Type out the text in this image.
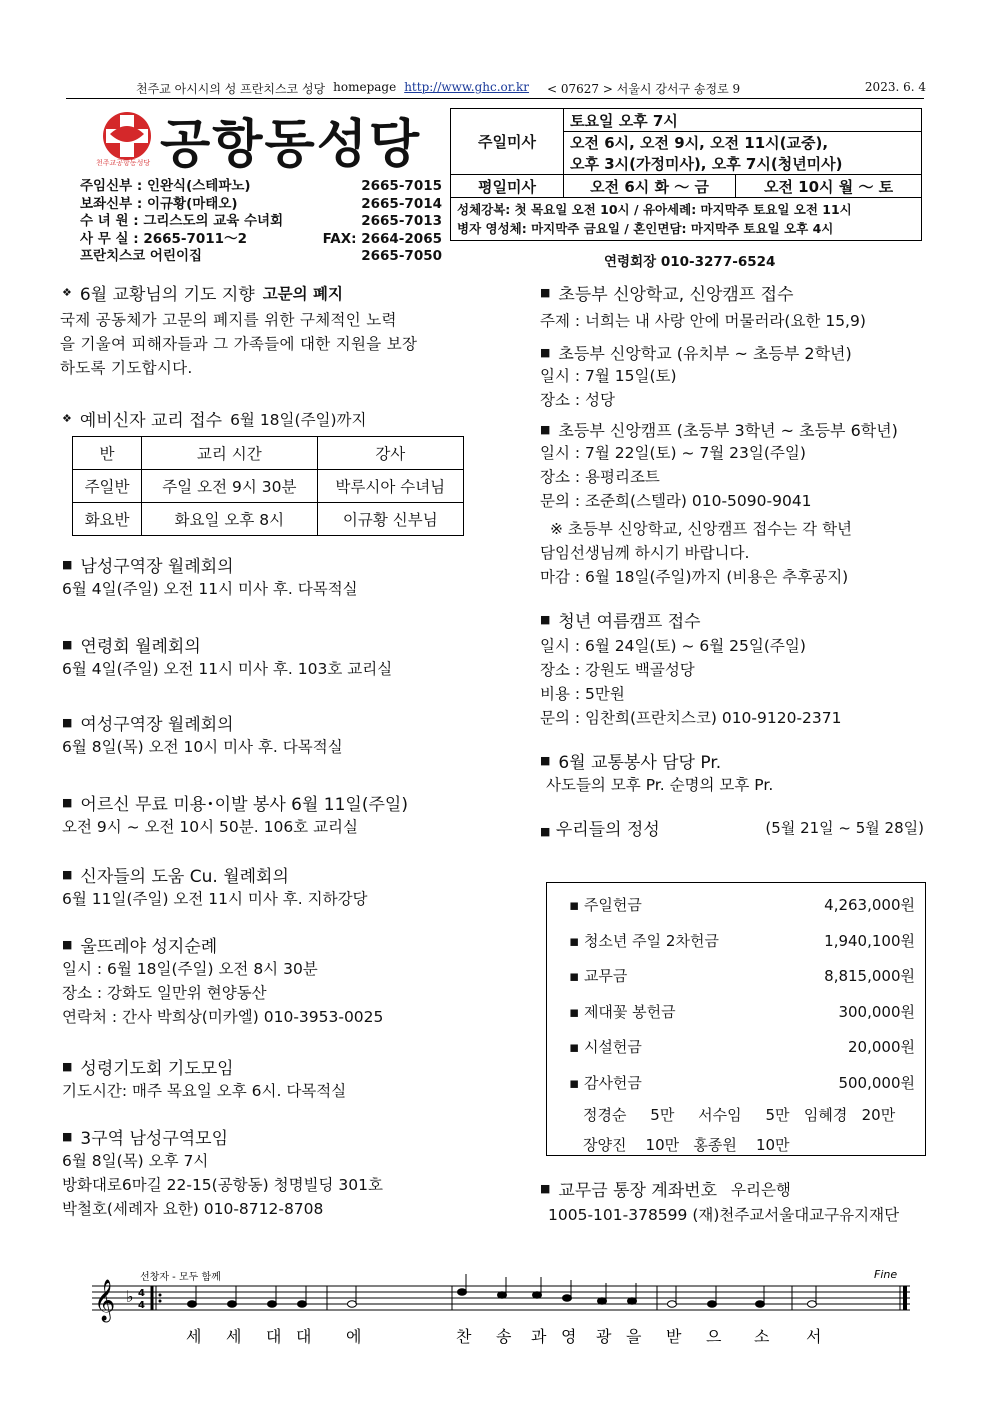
천주교 아시시의 성 프란치스코 성당 homepage http://www.ghc.or.kr < 07627 > 서울시 강서구 송정로 9	2023. 6. 4
천주교공항동성당 공항동성당
주임신부 : 인완식(스테파노)	2665-7015
보좌신부 : 이규황(마태오)	2665-7014
수 녀 원 : 그리스도의 교육 수녀회	2665-7013
사 무 실 : 2665-7011～2	FAX: 2664-2065
프란치스코 어린이집	2665-7050
주일미사	토요일 오후 7시	
	오전 6시, 오전 9시, 오전 11시(교중),	
	오후 3시(가정미사), 오후 7시(청년미사)	
평일미사	오전 6시 화 ～ 금	오전 10시 월 ～ 토

성체강복: 첫 목요일 오전 10시 / 유아세례: 마지막주 토요일 오전 11시
병자 영성체: 마지막주 금요일 / 혼인면담: 마지막주 토요일 오후 4시		
연령회장 010-3277-6524
❖ 6월 교황님의 기도 지향 고문의 폐지
국제 공동체가 고문의 폐지를 위한 구체적인 노력
을 기울여 피해자들과 그 가족들에 대한 지원을 보장
하도록 기도합시다.
❖ 예비신자 교리 접수 6월 18일(주일)까지
반	교리 시간	강사
주일반	주일 오전 9시 30분	박루시아 수녀님
화요반	화요일 오후 8시	이규황 신부님
■ 남성구역장 월례회의
6월 4일(주일) 오전 11시 미사 후. 다목적실
■ 연령회 월례회의
6월 4일(주일) 오전 11시 미사 후. 103호 교리실
■ 여성구역장 월례회의
6월 8일(목) 오전 10시 미사 후. 다목적실
■ 어르신 무료 미용･이발 봉사 6월 11일(주일)
오전 9시 ~ 오전 10시 50분. 106호 교리실
■ 신자들의 도움 Cu. 월례회의
6월 11일(주일) 오전 11시 미사 후. 지하강당
■ 울뜨레야 성지순례
일시 : 6월 18일(주일) 오전 8시 30분
장소 : 강화도 일만위 현양동산
연락처 : 간사 박희상(미카엘) 010-3953-0025
■ 성령기도회 기도모임
기도시간: 매주 목요일 오후 6시. 다목적실
■ 3구역 남성구역모임
6월 8일(목) 오후 7시
방화대로6마길 22-15(공항동) 청명빌딩 301호
박철호(세례자 요한) 010-8712-8708
■ 초등부 신앙학교, 신앙캠프 접수
주제 : 너희는 내 사랑 안에 머물러라(요한 15,9)
■ 초등부 신앙학교 (유치부 ~ 초등부 2학년)
일시 : 7월 15일(토)
장소 : 성당
■ 초등부 신앙캠프 (초등부 3학년 ~ 초등부 6학년)
일시 : 7월 22일(토) ~ 7월 23일(주일)
장소 : 용평리조트
문의 : 조준희(스텔라) 010-5090-9041
※ 초등부 신앙학교, 신앙캠프 접수는 각 학년
담임선생님께 하시기 바랍니다.
마감 : 6월 18일(주일)까지 (비용은 추후공지)
■ 청년 여름캠프 접수
일시 : 6월 24일(토) ~ 6월 25일(주일)
장소 : 강원도 백골성당
비용 : 5만원
문의 : 임찬희(프란치스코) 010-9120-2371
■ 6월 교통봉사 담당 Pr.
사도들의 모후 Pr. 순명의 모후 Pr.
■ 우리들의 정성	(5월 21일 ~ 5월 28일)
▪ 주일헌금	4,263,000원
▪ 청소년 주일 2차헌금	1,940,100원
▪ 교무금	8,815,000원
▪ 제대꽃 봉헌금	300,000원
▪ 시설헌금	20,000원
▪ 감사헌금	500,000원
정경순     5만     서수임     5만   임혜경   20만
장양진    10만   홍종원    10만
■ 교무금 통장 계좌번호 우리은행
1005-101-378599 (재)천주교서울대교구유지재단
𝄞 ♭ 4
4
선창자 - 모두 함께	Fine
세 세 대 대 에	찬 송 과 영 광 을 받 으 소 서
